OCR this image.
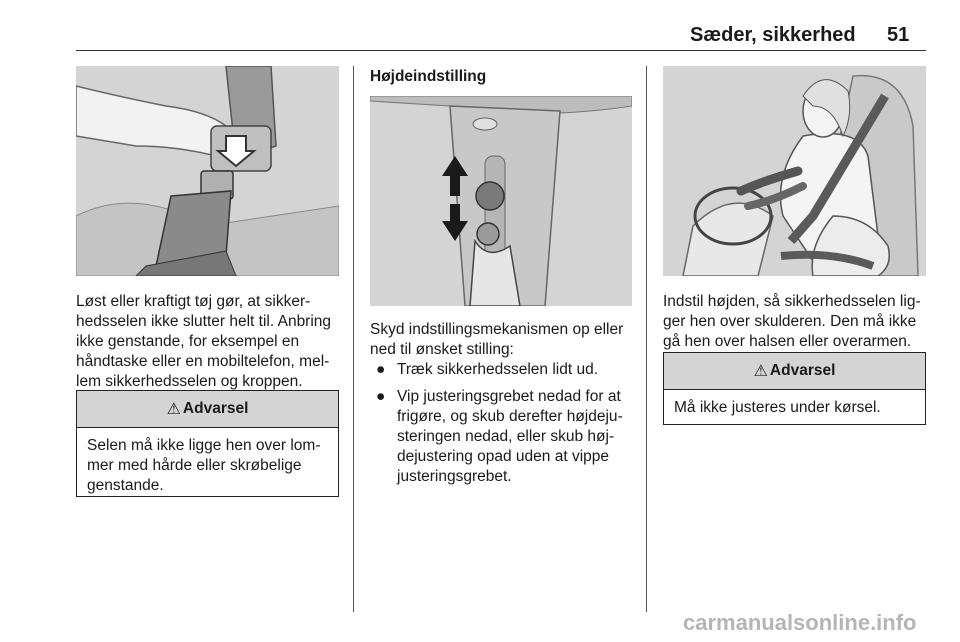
Sæder, sikkerhed 51
Løst eller kraftigt tøj gør, at sikkerhedsselen ikke slutter helt til. Anbring ikke genstande, for eksempel en håndtaske eller en mobiltelefon, mellem sikkerhedsselen og kroppen.
⚠ Advarsel
Selen må ikke ligge hen over lommer med hårde eller skrøbelige genstande.
Højdeindstilling
Skyd indstillingsmekanismen op eller ned til ønsket stilling:
● Træk sikkerhedsselen lidt ud.
● Vip justeringsgrebet nedad for at frigøre, og skub derefter højdejusteringen nedad, eller skub højdejustering opad uden at vippe justeringsgrebet.
Indstil højden, så sikkerhedsselen ligger hen over skulderen. Den må ikke gå hen over halsen eller overarmen.
⚠ Advarsel
Må ikke justeres under kørsel.
carmanualsonline.info
